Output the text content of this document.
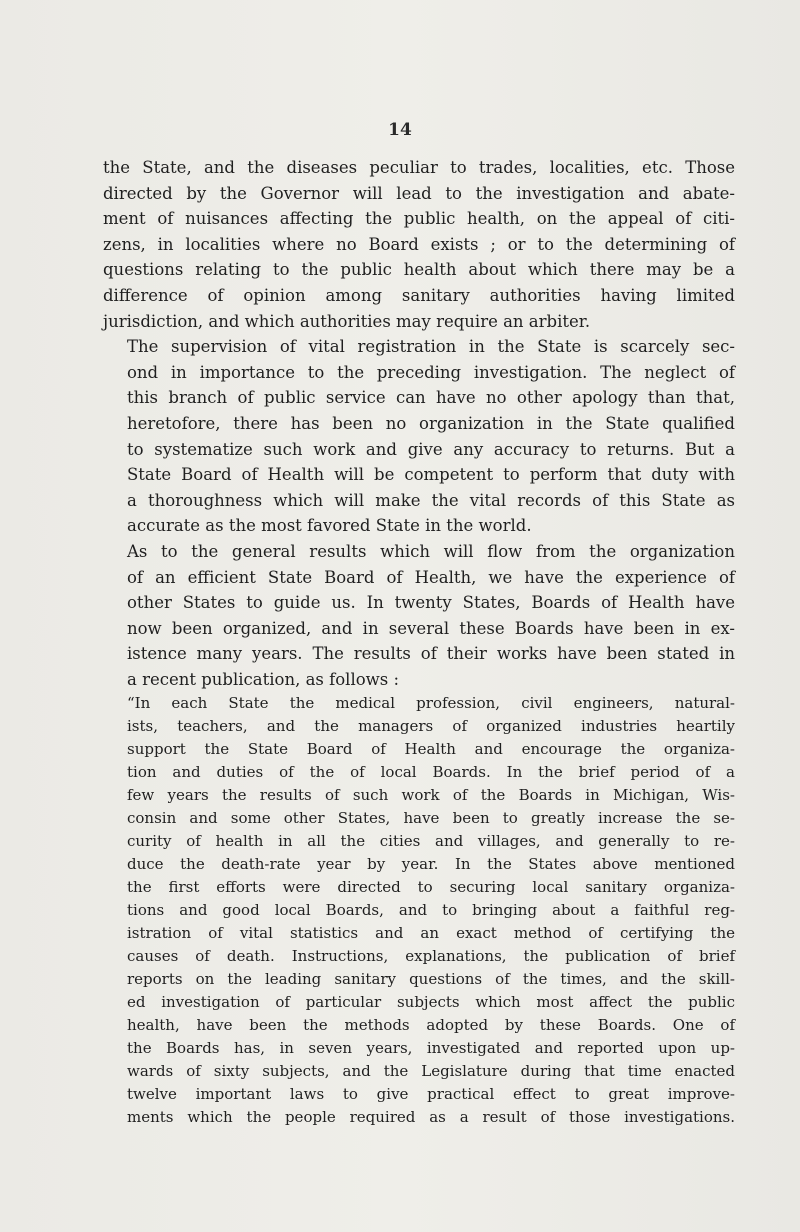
14

the State, and the diseases peculiar to trades, localities, etc. Those
directed by the Governor will lead to the investigation and abate-
ment of nuisances affecting the public health, on the appeal of citi-
zens, in localities where no Board exists ; or to the determining of
questions relating to the public health about which there may be a
difference of opinion among sanitary authorities having limited
jurisdiction, and which authorities may require an arbiter.

The supervision of vital registration in the State is scarcely sec-
ond in importance to the preceding investigation. The neglect of
this branch of public service can have no other apology than that,
heretofore, there has been no organization in the State qualified
to systematize such work and give any accuracy to returns. But a
State Board of Health will be competent to perform that duty with
a thoroughness which will make the vital records of this State as
accurate as the most favored State in the world.

As to the general results which will flow from the organization
of an efficient State Board of Health, we have the experience of
other States to guide us. In twenty States, Boards of Health have
now been organized, and in several these Boards have been in ex-
istence many years. The results of their works have been stated in
a recent publication, as follows :

“In each State the medical profession, civil engineers, natural-
ists, teachers, and the managers of organized industries heartily
support the State Board of Health and encourage the organiza-
tion and duties of the of local Boards. In the brief period of a
few years the results of such work of the Boards in Michigan, Wis-
consin and some other States, have been to greatly increase the se-
curity of health in all the cities and villages, and generally to re-
duce the death-rate year by year. In the States above mentioned
the first efforts were directed to securing local sanitary organiza-
tions and good local Boards, and to bringing about a faithful reg-
istration of vital statistics and an exact method of certifying the
causes of death. Instructions, explanations, the publication of brief
reports on the leading sanitary questions of the times, and the skill-
ed investigation of particular subjects which most affect the public
health, have been the methods adopted by these Boards. One of
the Boards has, in seven years, investigated and reported upon up-
wards of sixty subjects, and the Legislature during that time enacted
twelve important laws to give practical effect to great improve-
ments which the people required as a result of those investigations.
